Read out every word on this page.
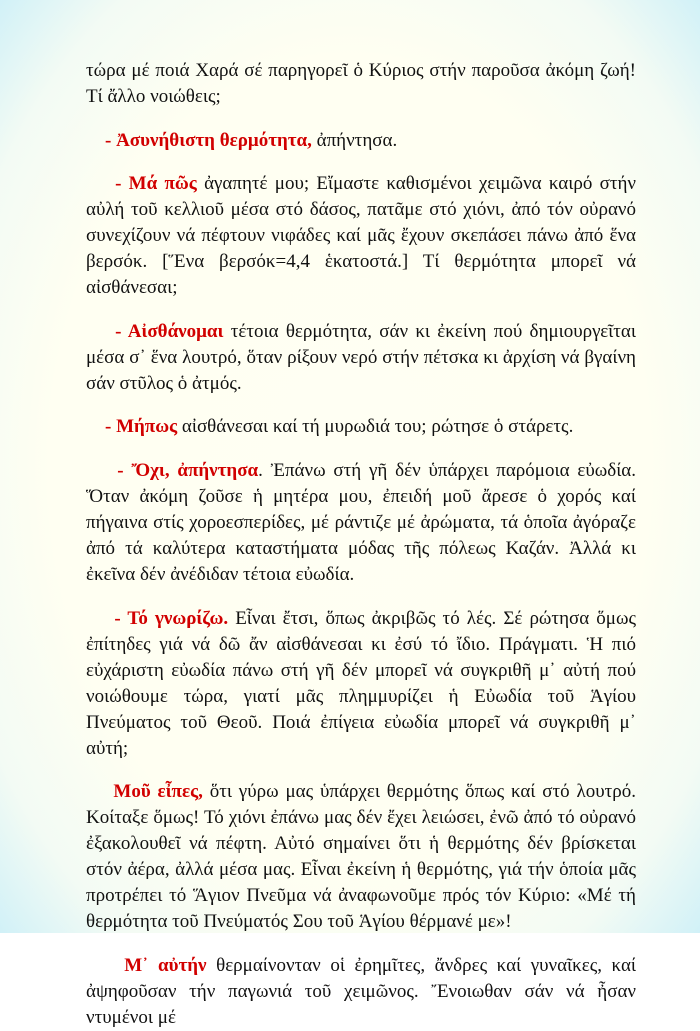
τώρα μέ ποιά Χαρά σέ παρηγορεῖ ὁ Κύριος στήν παροῦσα ἀκόμη ζωή! Τί ἄλλο νοιώθεις;

- Ἀσυνήθιστη θερμότητα, ἀπήντησα.

- Μά πῶς ἀγαπητέ μου; Εἴμαστε καθισμένοι χειμῶνα καιρό στήν αὐλή τοῦ κελλιοῦ μέσα στό δάσος, πατᾶμε στό χιόνι, ἀπό τόν οὐρανό συνεχίζουν νά πέφτουν νιφάδες καί μᾶς ἔχουν σκεπάσει πάνω ἀπό ἕνα βερσόκ. [Ἕνα βερσόκ=4,4 ἑκατοστά.] Τί θερμότητα μπορεῖ νά αἰσθάνεσαι;

- Αἰσθάνομαι τέτοια θερμότητα, σάν κι ἐκείνη πού δημιουργεῖται μέσα σ᾽ ἕνα λουτρό, ὅταν ρίξουν νερό στήν πέτσκα κι ἀρχίση νά βγαίνη σάν στῦλος ὁ ἀτμός.

- Μήπως αἰσθάνεσαι καί τή μυρωδιά του; ρώτησε ὁ στάρετς.

- Ὄχι, ἀπήντησα. Ἐπάνω στή γῆ δέν ὑπάρχει παρόμοια εὐωδία. Ὅταν ἀκόμη ζοῦσε ἡ μητέρα μου, ἐπειδή μοῦ ἄρεσε ὁ χορός καί πήγαινα στίς χοροεσπερίδες, μέ ράντιζε μέ ἀρώματα, τά ὁποῖα ἀγόραζε ἀπό τά καλύτερα καταστήματα μόδας τῆς πόλεως Καζάν. Ἀλλά κι ἐκεῖνα δέν ἀνέδιδαν τέτοια εὐωδία.

- Τό γνωρίζω. Εἶναι ἔτσι, ὅπως ἀκριβῶς τό λές. Σέ ρώτησα ὅμως ἐπίτηδες γιά νά δῶ ἄν αἰσθάνεσαι κι ἐσύ τό ἴδιο. Πράγματι. Ἡ πιό εὐχάριστη εὐωδία πάνω στή γῆ δέν μπορεῖ νά συγκριθῆ μ᾽ αὐτή πού νοιώθουμε τώρα, γιατί μᾶς πλημμυρίζει ἡ Εὐωδία τοῦ Ἁγίου Πνεύματος τοῦ Θεοῦ. Ποιά ἐπίγεια εὐωδία μπορεῖ νά συγκριθῆ μ᾽ αὐτή;

Μοῦ εἶπες, ὅτι γύρω μας ὑπάρχει θερμότης ὅπως καί στό λουτρό. Κοίταξε ὅμως! Τό χιόνι ἐπάνω μας δέν ἔχει λειώσει, ἐνῶ ἀπό τό οὐρανό ἐξακολουθεῖ νά πέφτη. Αὐτό σημαίνει ὅτι ἡ θερμότης δέν βρίσκεται στόν ἀέρα, ἀλλά μέσα μας. Εἶναι ἐκείνη ἡ θερμότης, γιά τήν ὁποία μᾶς προτρέπει τό Ἅγιον Πνεῦμα νά ἀναφωνοῦμε πρός τόν Κύριο: «Μέ τή θερμότητα τοῦ Πνεύματός Σου τοῦ Ἁγίου θέρμανέ με»!

Μ᾽ αὐτήν θερμαίνονταν οἱ ἐρημῖτες, ἄνδρες καί γυναῖκες, καί ἀψηφοῦσαν τήν παγωνιά τοῦ χειμῶνος. Ἔνοιωθαν σάν νά ἦσαν ντυμένοι μέ
